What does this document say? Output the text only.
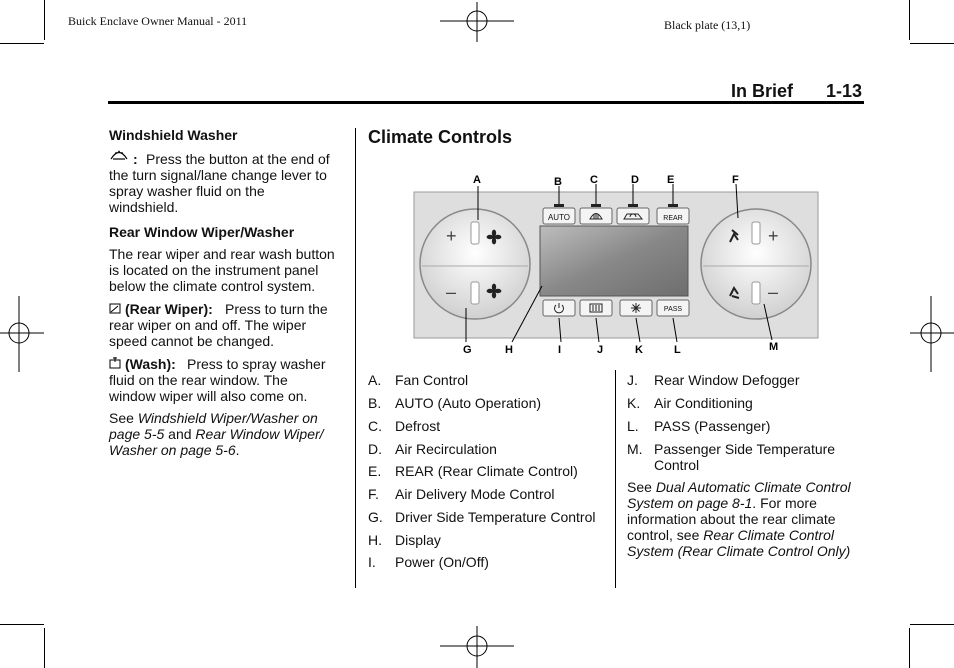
Buick Enclave Owner Manual - 2011	Black plate (13,1)
In Brief 1-13
Windshield Washer
: Press the button at the end of
the turn signal/lane change lever to
spray washer fluid on the
windshield.
Rear Window Wiper/Washer
The rear wiper and rear wash button
is located on the instrument panel
below the climate control system.
(Rear Wiper): Press to turn the
rear wiper on and off. The wiper
speed cannot be changed.
(Wash): Press to spray washer
fluid on the rear window. The
window wiper will also come on.
See Windshield Wiper/Washer on
page 5-5 and Rear Window Wiper/
Washer on page 5-6.
Climate Controls
+
–
+
–
AUTO	REAR
PASS
A	B	C	D	E	F
G	H	I	J	K	L	M
A. Fan Control
B. AUTO (Auto Operation)
C. Defrost
D. Air Recirculation
E. REAR (Rear Climate Control)
F. Air Delivery Mode Control
G. Driver Side Temperature Control
H. Display
I. Power (On/Off)
J. Rear Window Defogger
K. Air Conditioning
L. PASS (Passenger)
M. Passenger Side Temperature
Control
See Dual Automatic Climate Control
System on page 8-1. For more
information about the rear climate
control, see Rear Climate Control
System (Rear Climate Control Only)
